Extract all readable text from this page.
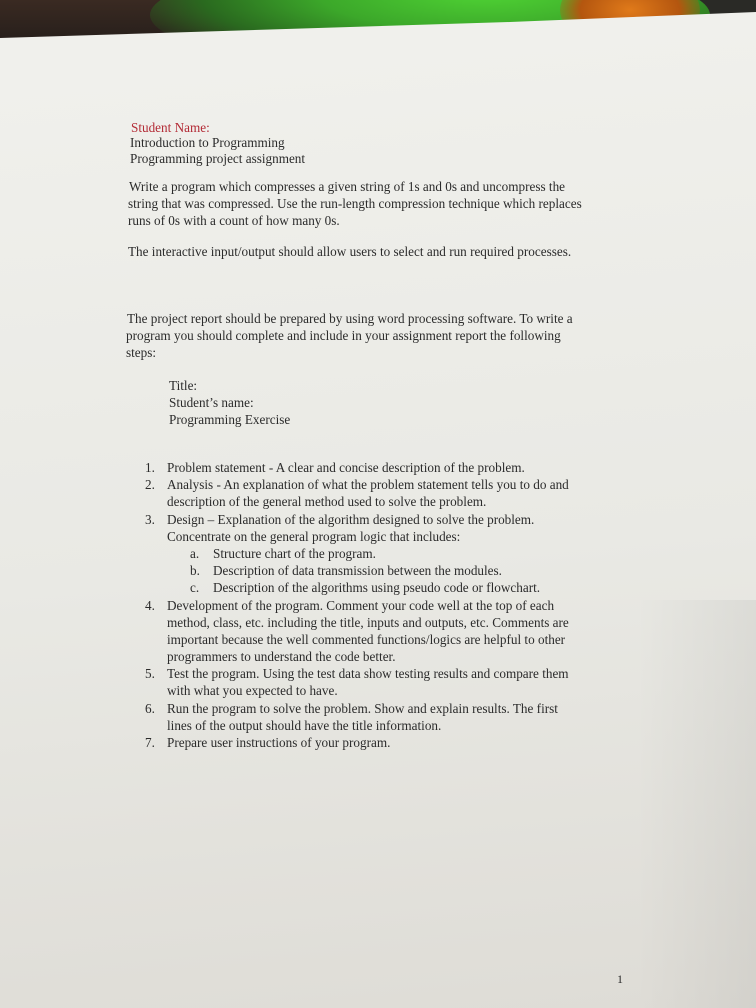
Student Name:
Introduction to Programming
Programming project assignment
Write a program which compresses a given string of 1s and 0s and uncompress the
string that was compressed. Use the run-length compression technique which replaces
runs of 0s with a count of how many 0s.
The interactive input/output should allow users to select and run required processes.
The project report should be prepared by using word processing software. To write a
program you should complete and include in your assignment report the following
steps:
Title:
Student’s name:
Programming Exercise
1. Problem statement - A clear and concise description of the problem.
2. Analysis - An explanation of what the problem statement tells you to do and
description of the general method used to solve the problem.
3. Design – Explanation of the algorithm designed to solve the problem.
Concentrate on the general program logic that includes:
a. Structure chart of the program.
b. Description of data transmission between the modules.
c. Description of the algorithms using pseudo code or flowchart.
4. Development of the program. Comment your code well at the top of each
method, class, etc. including the title, inputs and outputs, etc. Comments are
important because the well commented functions/logics are helpful to other
programmers to understand the code better.
5. Test the program. Using the test data show testing results and compare them
with what you expected to have.
6. Run the program to solve the problem. Show and explain results. The first
lines of the output should have the title information.
7. Prepare user instructions of your program.
1
